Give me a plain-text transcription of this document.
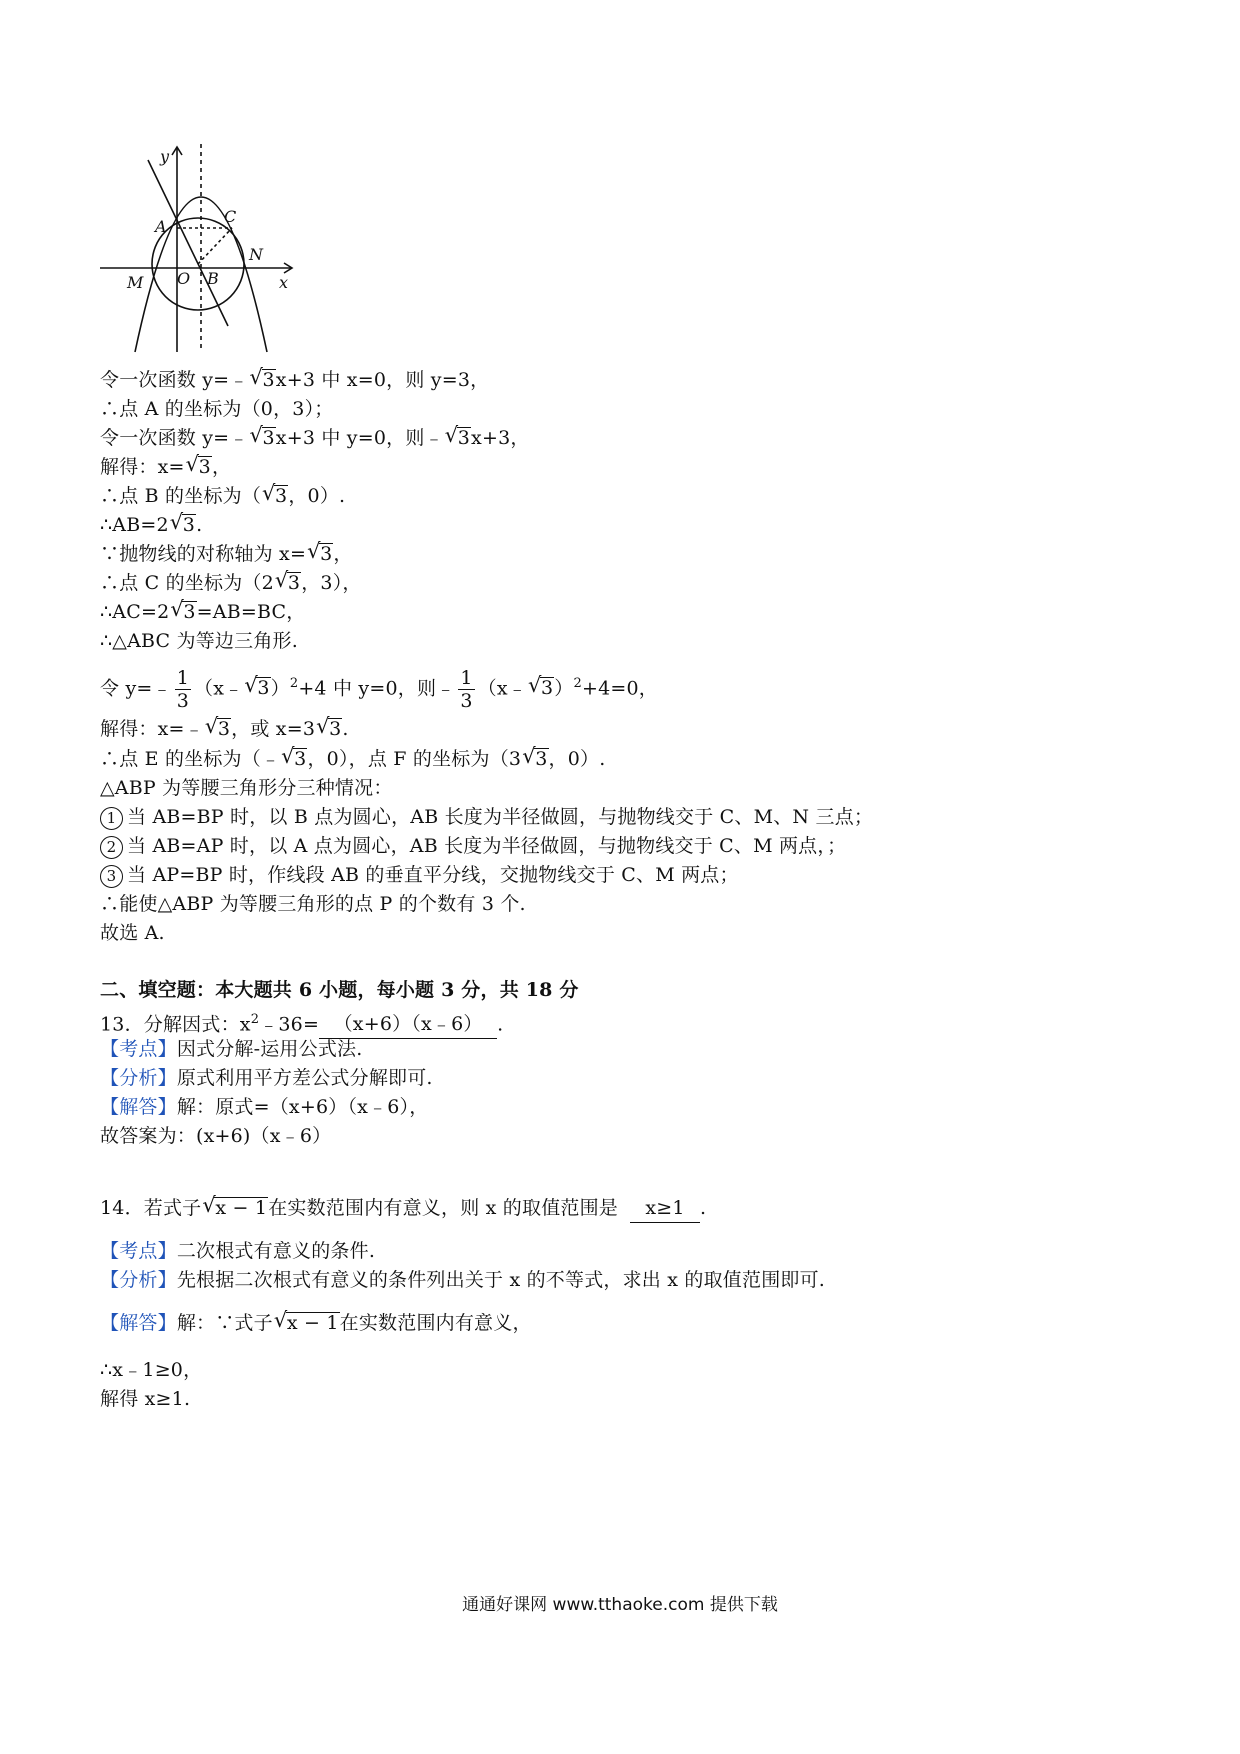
y
A
C
N
M O B	x
令一次函数 y=﹣ √ 3x+3 中 x=0，则 y=3，
∴点 A 的坐标为（0，3）；
令一次函数 y=﹣ √ 3x+3 中 y=0，则﹣ √ 3x+3，
解得：x= √ 3，
∴点 B 的坐标为（ √ 3，0）.
∴AB=2 √ 3.
∵抛物线的对称轴为 x= √ 3，
∴点 C 的坐标为（2 √ 3，3），
∴AC=2 √ 3=AB=BC，
∴△ABC 为等边三角形.
令 y=﹣ $\frac{1}{3}$ （x﹣ √ 3）$^2$+4 中 y=0，则﹣ $\frac{1}{3}$ （x﹣ √ 3）$^2$+4=0，
解得：x=﹣ √ 3，或 x=3 √ 3.
∴点 E 的坐标为（﹣ √ 3，0），点 F 的坐标为（3 √ 3，0）.
△ABP 为等腰三角形分三种情况：
1 当 AB=BP 时，以 B 点为圆心，AB 长度为半径做圆，与抛物线交于 C、M、N 三点；
2 当 AB=AP 时，以 A 点为圆心，AB 长度为半径做圆，与抛物线交于 C、M 两点，；
3 当 AP=BP 时，作线段 AB 的垂直平分线，交抛物线交于 C、M 两点；
∴能使△ABP 为等腰三角形的点 P 的个数有 3 个.
故选 A.
二、填空题：本大题共 6 小题，每小题 3 分，共 18 分
13．分解因式：$x^2﹣36=$ （x+6）（x﹣6） .
【考点】因式分解-运用公式法.
【分析】原式利用平方差公式分解即可.
【解答】解：原式=（x+6）（x﹣6），
故答案为：(x+6)（x﹣6）
14．若式子 √ x − 1在实数范围内有意义，则 x 的取值范围是 x≥1 .
【考点】二次根式有意义的条件.
【分析】先根据二次根式有意义的条件列出关于 x 的不等式，求出 x 的取值范围即可.
【解答】解：∵式子 √ x − 1在实数范围内有意义，
∴x﹣1≥0，
解得 x≥1.
通通好课网 www.tthaoke.com 提供下载
